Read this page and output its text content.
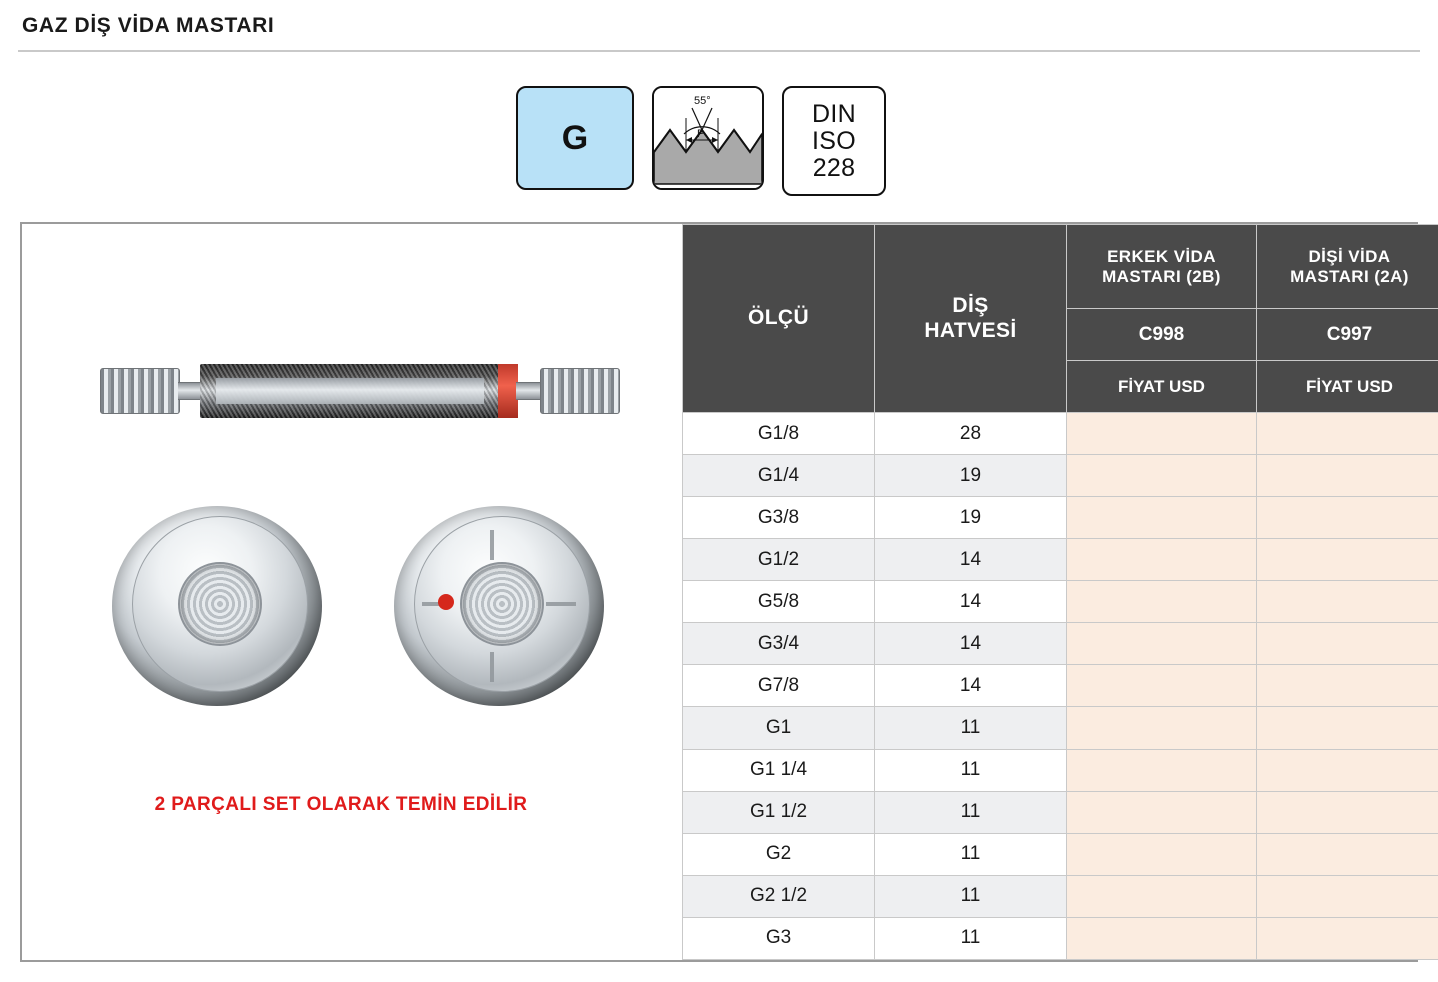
GAZ DİŞ VİDA MASTARI
G
55°
P
DIN
ISO
228
2 PARÇALI SET OLARAK TEMİN EDİLİR
ÖLÇÜ	
DİŞ
HATVESİ

ERKEK VİDA
MASTARI (2B)

DİŞİ VİDA
MASTARI (2A)

		C998	C997
		FİYAT USD	FİYAT USD
G1/8	28		
G1/4	19		
G3/8	19		
G1/2	14		
G5/8	14		
G3/4	14		
G7/8	14		
G1	11		
G1 1/4	11		
G1 1/2	11		
G2	11		
G2 1/2	11		
G3	11		
